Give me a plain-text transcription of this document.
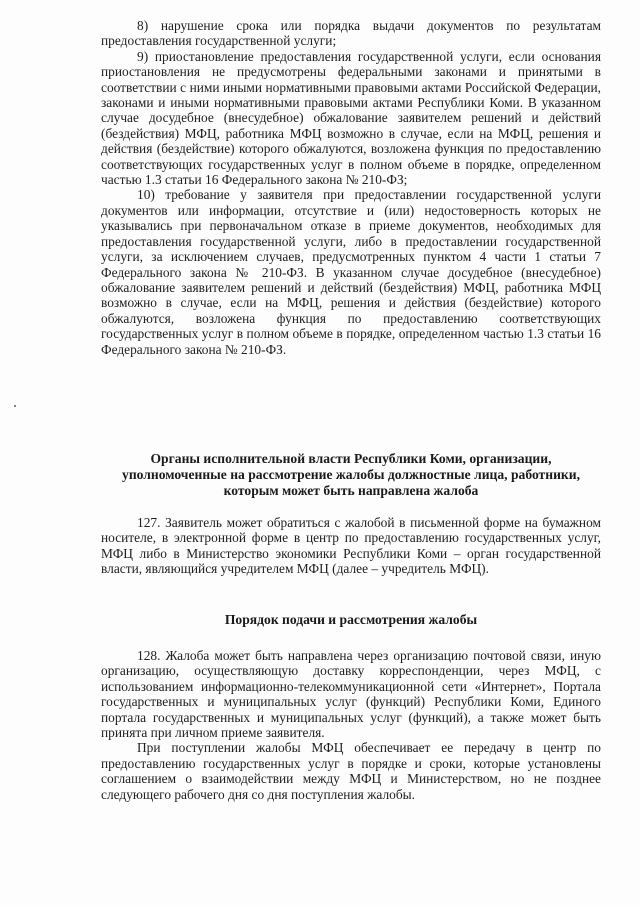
8) нарушение срока или порядка выдачи документов по результатам предоставления государственной услуги;

9) приостановление предоставления государственной услуги, если основания приостановления не предусмотрены федеральными законами и принятыми в соответствии с ними иными нормативными правовыми актами Российской Федерации, законами и иными нормативными правовыми актами Республики Коми. В указанном случае досудебное (внесудебное) обжалование заявителем решений и действий (бездействия) МФЦ, работника МФЦ возможно в случае, если на МФЦ, решения и действия (бездействие) которого обжалуются, возложена функция по предоставлению соответствующих государственных услуг в полном объеме в порядке, определенном частью 1.3 статьи 16 Федерального закона № 210-ФЗ;

10) требование у заявителя при предоставлении государственной услуги документов или информации, отсутствие и (или) недостоверность которых не указывались при первоначальном отказе в приеме документов, необходимых для предоставления государственной услуги, либо в предоставлении государственной услуги, за исключением случаев, предусмотренных пунктом 4 части 1 статьи 7 Федерального закона № 210-ФЗ. В указанном случае досудебное (внесудебное) обжалование заявителем решений и действий (бездействия) МФЦ, работника МФЦ возможно в случае, если на МФЦ, решения и действия (бездействие) которого обжалуются, возложена функция по предоставлению соответствующих государственных услуг в полном объеме в порядке, определенном частью 1.3 статьи 16 Федерального закона № 210-ФЗ.

Органы исполнительной власти Республики Коми, организации, уполномоченные на рассмотрение жалобы должностные лица, работники, которым может быть направлена жалоба

127. Заявитель может обратиться с жалобой в письменной форме на бумажном носителе, в электронной форме в центр по предоставлению государственных услуг, МФЦ либо в Министерство экономики Республики Коми – орган государственной власти, являющийся учредителем МФЦ (далее – учредитель МФЦ).

Порядок подачи и рассмотрения жалобы

128. Жалоба может быть направлена через организацию почтовой связи, иную организацию, осуществляющую доставку корреспонденции, через МФЦ, с использованием информационно-телекоммуникационной сети «Интернет», Портала государственных и муниципальных услуг (функций) Республики Коми, Единого портала государственных и муниципальных услуг (функций), а также может быть принята при личном приеме заявителя.

При поступлении жалобы МФЦ обеспечивает ее передачу в центр по предоставлению государственных услуг в порядке и сроки, которые установлены соглашением о взаимодействии между МФЦ и Министерством, но не позднее следующего рабочего дня со дня поступления жалобы.
